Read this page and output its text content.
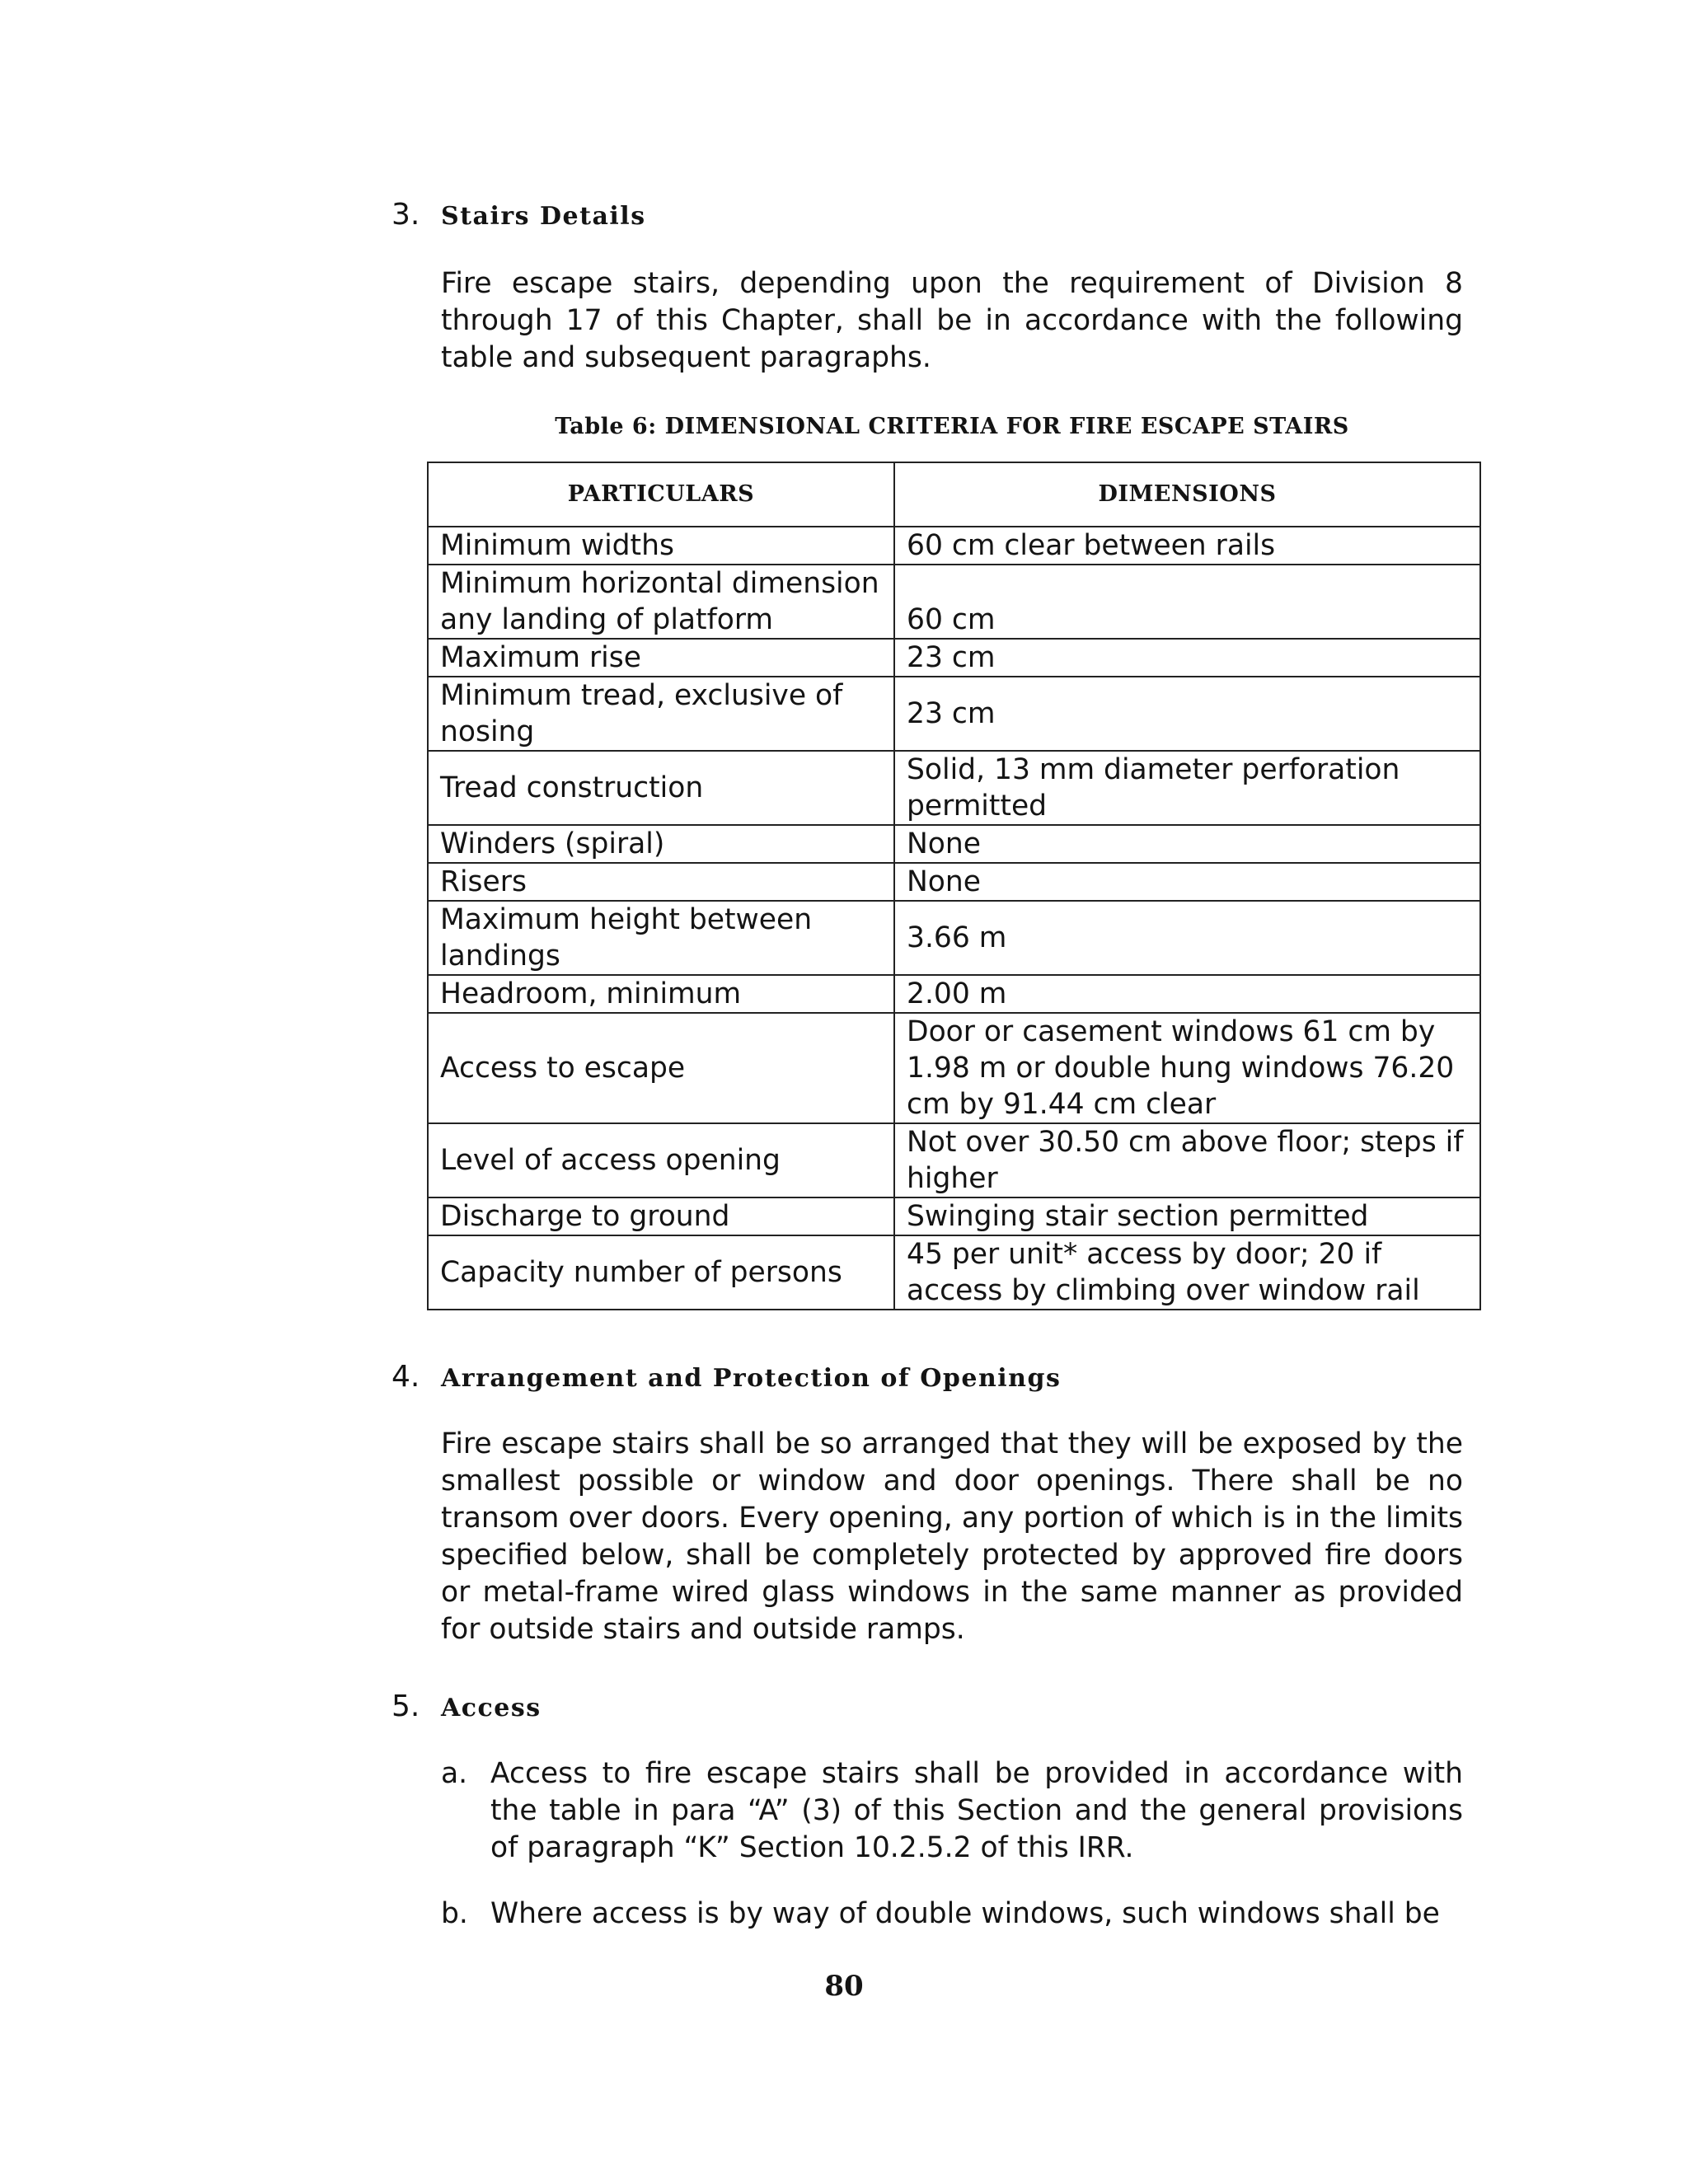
3. Stairs Details

Fire escape stairs, depending upon the requirement of Division 8 through 17 of this Chapter, shall be in accordance with the following table and subsequent paragraphs.

Table 6: DIMENSIONAL CRITERIA FOR FIRE ESCAPE STAIRS
PARTICULARS	DIMENSIONS
Minimum widths	60 cm clear between rails
Minimum horizontal dimension any landing of platform	60 cm
Maximum rise	23 cm
Minimum tread, exclusive of nosing	23 cm
Tread construction	Solid, 13 mm diameter perforation permitted
Winders (spiral)	None
Risers	None
Maximum height between landings	3.66 m
Headroom, minimum	2.00 m
Access to escape	Door or casement windows 61 cm by 1.98 m or double hung windows 76.20 cm by 91.44 cm clear
Level of access opening	Not over 30.50 cm above floor; steps if higher
Discharge to ground	Swinging stair section permitted
Capacity number of persons	45 per unit* access by door; 20 if access by climbing over window rail
4. Arrangement and Protection of Openings

Fire escape stairs shall be so arranged that they will be exposed by the smallest possible or window and door openings. There shall be no transom over doors. Every opening, any portion of which is in the limits specified below, shall be completely protected by approved fire doors or metal-frame wired glass windows in the same manner as provided for outside stairs and outside ramps.

5. Access
a. Access to fire escape stairs shall be provided in accordance with the table in para “A” (3) of this Section and the general provisions of paragraph “K” Section 10.2.5.2 of this IRR.
b. Where access is by way of double windows, such windows shall be
80
